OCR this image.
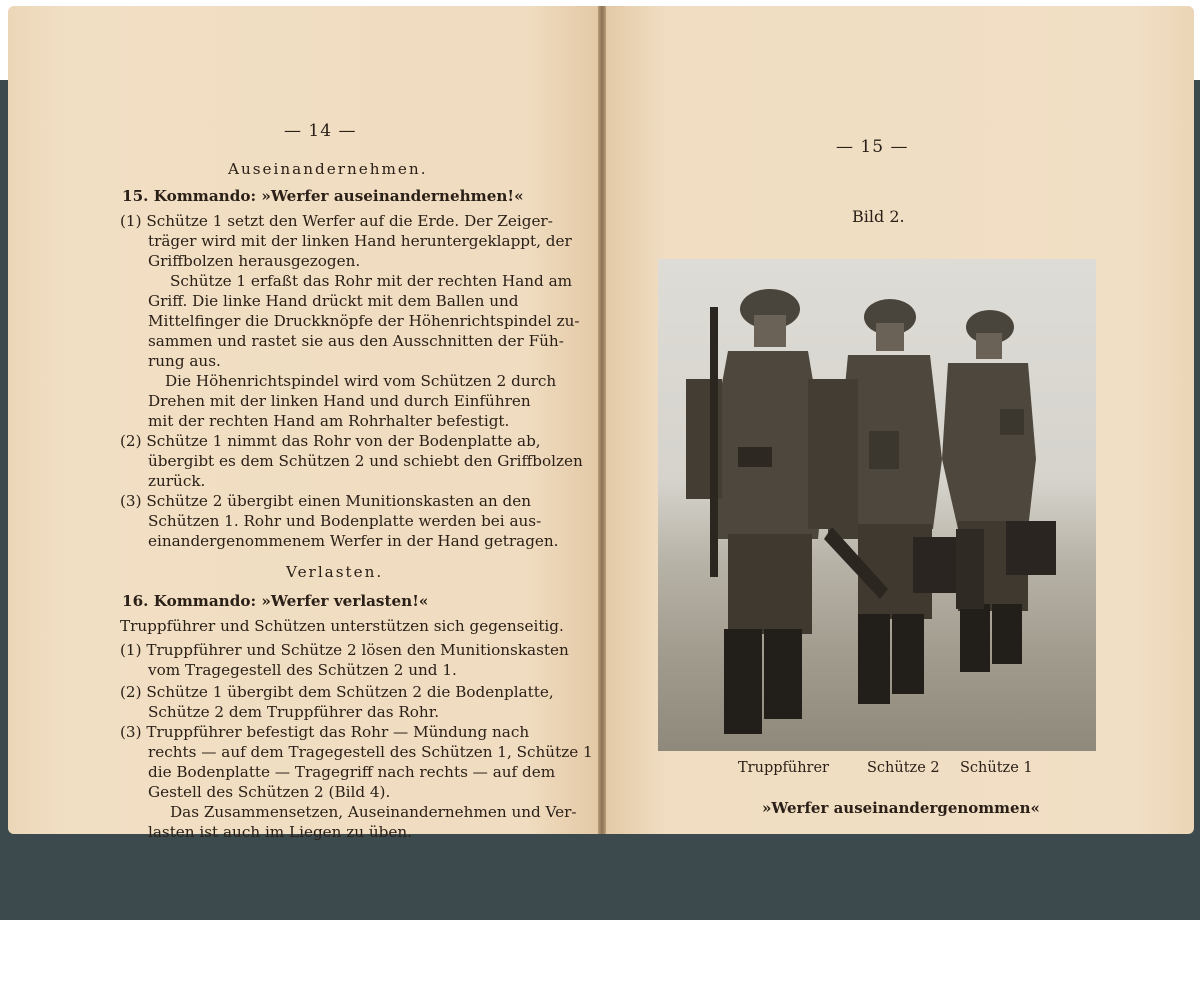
— 14 —
Auseinandernehmen.
15. Kommando: »Werfer auseinandernehmen!«
(1) Schütze 1 setzt den Werfer auf die Erde. Der Zeiger-
träger wird mit der linken Hand heruntergeklappt, der
Griffbolzen herausgezogen.
Schütze 1 erfaßt das Rohr mit der rechten Hand am
Griff. Die linke Hand drückt mit dem Ballen und
Mittelfinger die Druckknöpfe der Höhenrichtspindel zu-
sammen und rastet sie aus den Ausschnitten der Füh-
rung aus.
Die Höhenrichtspindel wird vom Schützen 2 durch
Drehen mit der linken Hand und durch Einführen
mit der rechten Hand am Rohrhalter befestigt.
(2) Schütze 1 nimmt das Rohr von der Bodenplatte ab,
übergibt es dem Schützen 2 und schiebt den Griffbolzen
zurück.
(3) Schütze 2 übergibt einen Munitionskasten an den
Schützen 1. Rohr und Bodenplatte werden bei aus-
einandergenommenem Werfer in der Hand getragen.
Verlasten.
16. Kommando: »Werfer verlasten!«
Truppführer und Schützen unterstützen sich gegenseitig.
(1) Truppführer und Schütze 2 lösen den Munitionskasten
vom Tragegestell des Schützen 2 und 1.
(2) Schütze 1 übergibt dem Schützen 2 die Bodenplatte,
Schütze 2 dem Truppführer das Rohr.
(3) Truppführer befestigt das Rohr — Mündung nach
rechts — auf dem Tragegestell des Schützen 1, Schütze 1
die Bodenplatte — Tragegriff nach rechts — auf dem
Gestell des Schützen 2 (Bild 4).
Das Zusammensetzen, Auseinandernehmen und Ver-
lasten ist auch im Liegen zu üben.
— 15 —
Bild 2.
Truppführer	Schütze 2 Schütze 1
»Werfer auseinandergenommen«
